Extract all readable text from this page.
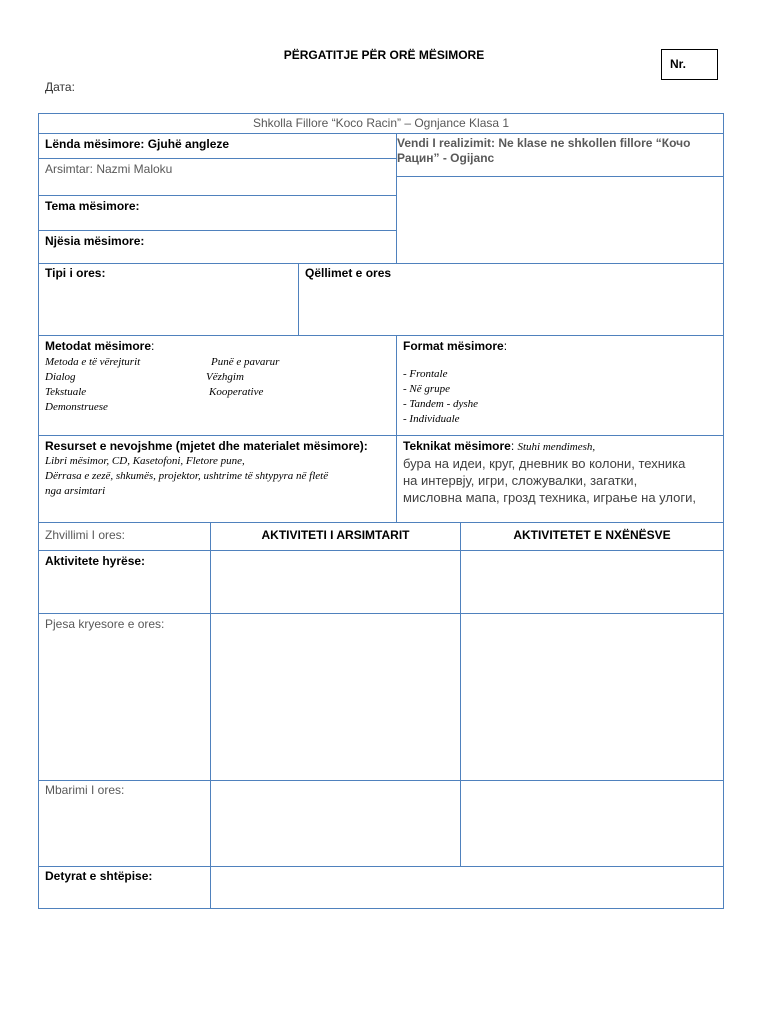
PËRGATITJE PËR ORË MËSIMORE
Nr.
Дата:
Shkolla Fillore “Koco Racin” – Ognjance Klasa 1
Lënda mësimore: Gjuhë angleze	Vendi I realizimit: Ne klase ne shkollen fillore “Кочо Рацин” - Ogijanc
Arsimtar: Nazmi Maloku
Tema mësimore:
Njësia mësimore:
Tipi i ores:	Qëllimet e ores
Metodat mësimore:
Metoda e të vërejturit	Punë e pavarur
Dialog	Vëzhgim
Tekstuale	Kooperative
Demonstruese
Format mësimore:
- Frontale
- Në grupe
- Tandem - dyshe
- Individuale
Resurset e nevojshme (mjetet dhe materialet mësimore):
Libri mësimor, CD, Kasetofoni, Fletore pune,
Dërrasa e zezë, shkumës, projektor, ushtrime të shtypyra në fletë
nga arsimtari
Teknikat mësimore: Stuhi mendimesh,
бура на идеи, круг, дневник во колони, техника
на интервју, игри, сложувалки, загатки,
мисловна мапа, грозд техника, играње на улоги,
Zhvillimi I ores:	AKTIVITETI I ARSIMTARIT	AKTIVITETET E NXËNËSVE
Aktivitete hyrëse:
Pjesa kryesore e ores:
Mbarimi I ores:
Detyrat e shtëpise:
